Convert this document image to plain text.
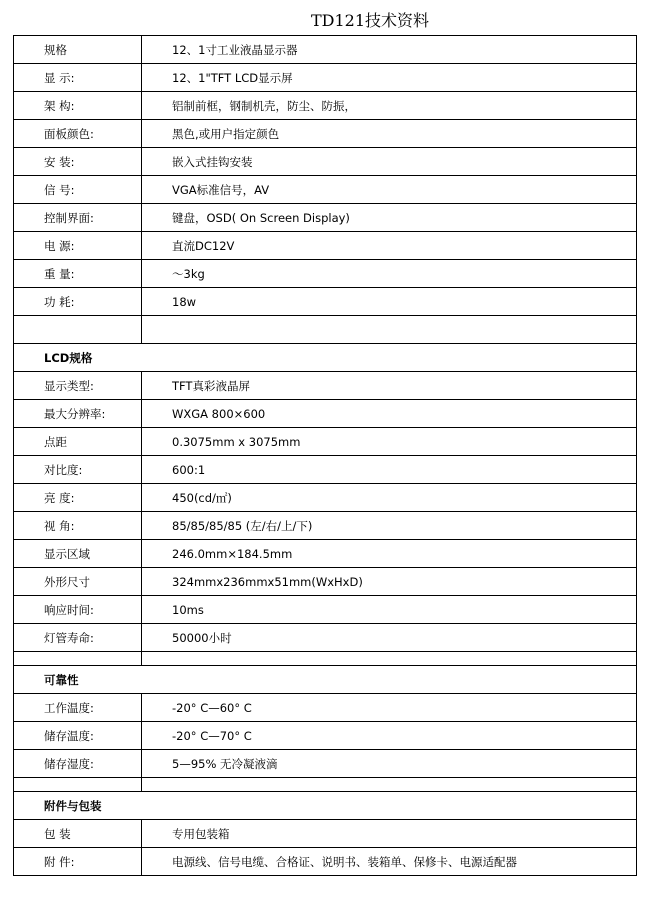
TD121技术资料
规格	12、1寸工业液晶显示器
显 示:	12、1"TFT LCD显示屏
架 构:	铝制前框，钢制机壳，防尘、防振，
面板颜色:	黑色,或用户指定颜色
安 装:	嵌入式挂钩安装
信 号:	VGA标准信号，AV
控制界面:	键盘，OSD( On Screen Display)
电 源:	直流DC12V
重 量:	～3kg
功 耗:	18w

LCD规格	
显示类型:	TFT真彩液晶屏
最大分辨率:	WXGA 800×600
点距	0.3075mm x 3075mm
对比度:	600:1
亮 度:	450(cd/㎡)
视 角:	85/85/85/85 (左/右/上/下)
显示区域	246.0mm×184.5mm
外形尺寸	324mmx236mmx51mm(WxHxD)
响应时间:	10ms
灯管寿命:	50000小时

可靠性	
工作温度:	-20° C—60° C
储存温度:	-20° C—70° C
储存湿度:	5—95% 无冷凝液滴

附件与包装	
包 装	专用包装箱
附 件:	电源线、信号电缆、合格证、说明书、装箱单、保修卡、电源适配器
